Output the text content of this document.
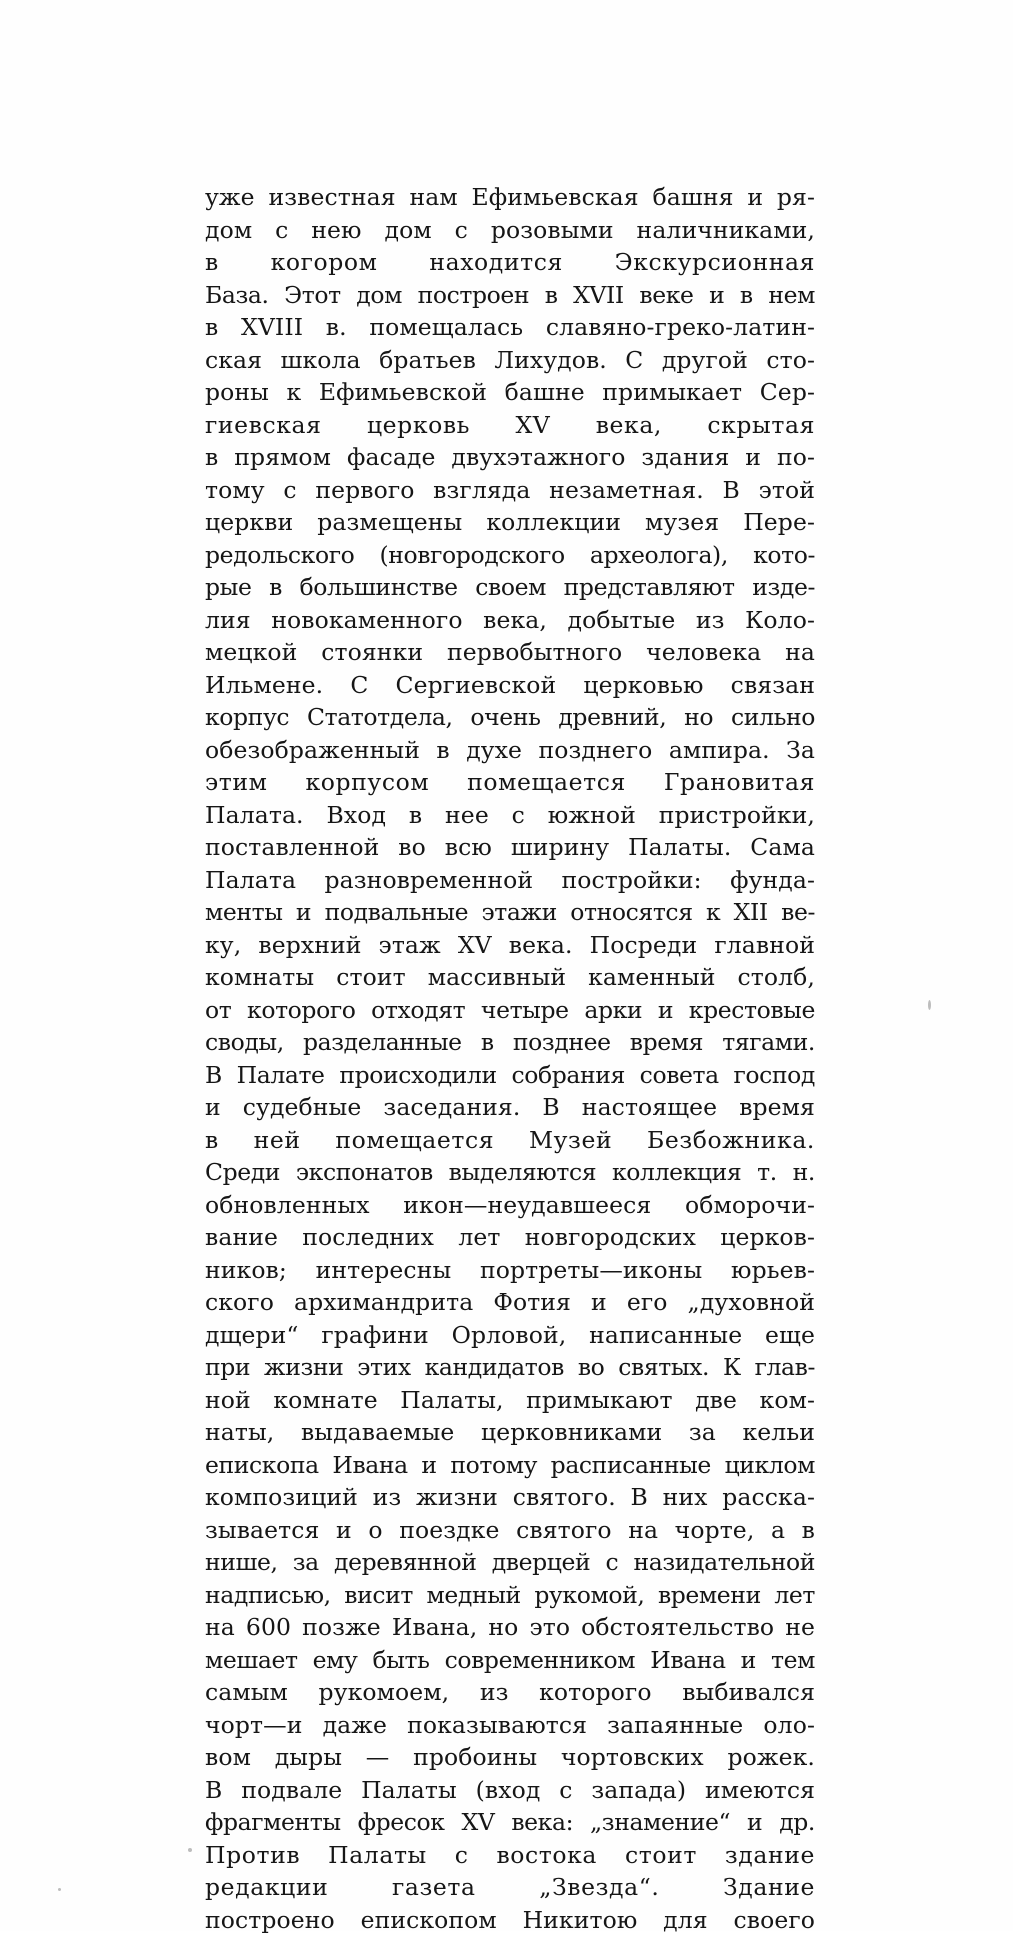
уже известная нам Ефимьевская башня и ря-
дом с нею дом с розовыми наличниками,
в когором находится Экскурсионная
База. Этот дом построен в XVII веке и в нем
в XVIII в. помещалась славяно-греко-латин-
ская школа братьев Лихудов. С другой сто-
роны к Ефимьевской башне примыкает Сер-
гиевская церковь XV века, скрытая
в прямом фасаде двухэтажного здания и по-
тому с первого взгляда незаметная. В этой
церкви размещены коллекции музея Пере-
редольского (новгородского археолога), кото-
рые в большинстве своем представляют изде-
лия новокаменного века, добытые из Коло-
мецкой стоянки первобытного человека на
Ильмене. С Сергиевской церковью связан
корпус Статотдела, очень древний, но сильно
обезображенный в духе позднего ампира. За
этим корпусом помещается Грановитая
Палата. Вход в нее с южной пристройки,
поставленной во всю ширину Палаты. Сама
Палата разновременной постройки: фунда-
менты и подвальные этажи относятся к XII ве-
ку, верхний этаж XV века. Посреди главной
комнаты стоит массивный каменный столб,
от которого отходят четыре арки и крестовые
своды, разделанные в позднее время тягами.
В Палате происходили собрания совета господ
и судебные заседания. В настоящее время
в ней помещается Музей Безбожника.
Среди экспонатов выделяются коллекция т. н.
обновленных икон—неудавшееся обморочи-
вание последних лет новгородских церков-
ников; интересны портреты—иконы юрьев-
ского архимандрита Фотия и его „духовной
дщери“ графини Орловой, написанные еще
при жизни этих кандидатов во святых. К глав-
ной комнате Палаты, примыкают две ком-
наты, выдаваемые церковниками за кельи
епископа Ивана и потому расписанные циклом
композиций из жизни святого. В них расска-
зывается и о поездке святого на чорте, а в
нише, за деревянной дверцей с назидательной
надписью, висит медный рукомой, времени лет
на 600 позже Ивана, но это обстоятельство не
мешает ему быть современником Ивана и тем
самым рукомоем, из которого выбивался
чорт—и даже показываются запаянные оло-
вом дыры — пробоины чортовских рожек.
В подвале Палаты (вход с запада) имеются
фрагменты фресок XV века: „знамение“ и др.
Против Палаты с востока стоит здание
редакции газета „Звезда“. Здание
построено епископом Никитою для своего
